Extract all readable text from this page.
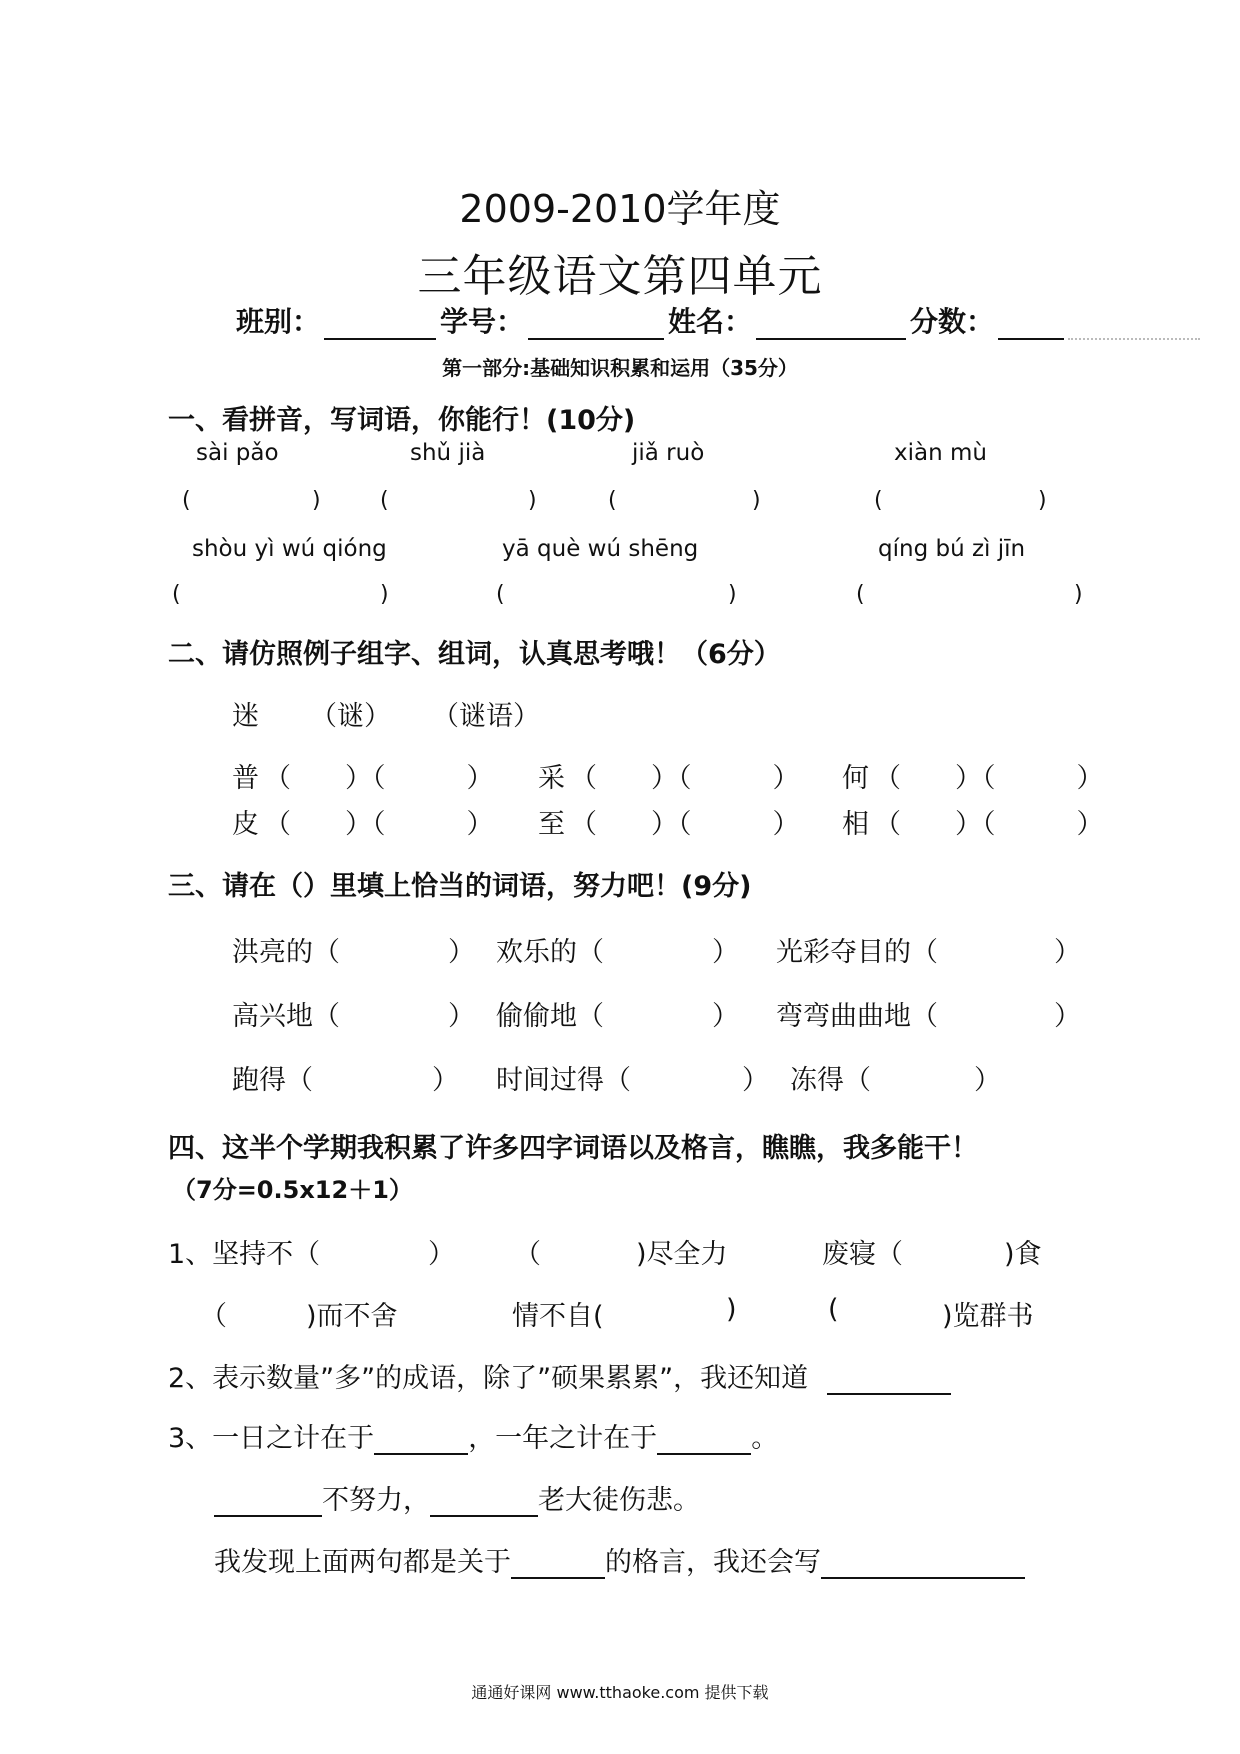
2009-2010学年度
三年级语文第四单元
班别：	学号：	姓名：	分数：
第一部分:基础知识积累和运用（35分）
一、看拼音，写词语，你能行！(10分)
sài pǎo	shǔ jià	jiǎ ruò	xiàn mù
(	)	(	)	(	)	(	)
shòu yì wú qióng	yā què wú shēng	qíng bú zì jīn
(	)	(	)	(	)
二、请仿照例子组字、组词，认真思考哦！（6分）
迷 （谜） （谜语）
普 （　　）（　　　） 采 （　　）（　　　） 何 （　　）（　　　）
皮 （　　）（　　　） 至 （　　）（　　　） 相 （　　）（　　　）
三、请在（）里填上恰当的词语，努力吧！(9分)
洪亮的（	） 欢乐的（	） 光彩夺目的（	）
高兴地（	） 偷偷地（	） 弯弯曲曲地（	）
跑得（	） 时间过得（	） 冻得（	）
四、这半个学期我积累了许多四字词语以及格言，瞧瞧，我多能干！
（7分=0.5x12＋1）
1、坚持不（	） （	)尽全力	废寝（	)食
（	)而不舍	情不自(	)	(	)览群书
2、表示数量”多”的成语，除了”硕果累累”，我还知道
3、一日之计在于	，一年之计在于	。
不努力，	老大徒伤悲。
我发现上面两句都是关于	的格言，我还会写
通通好课网 www.tthaoke.com 提供下载
